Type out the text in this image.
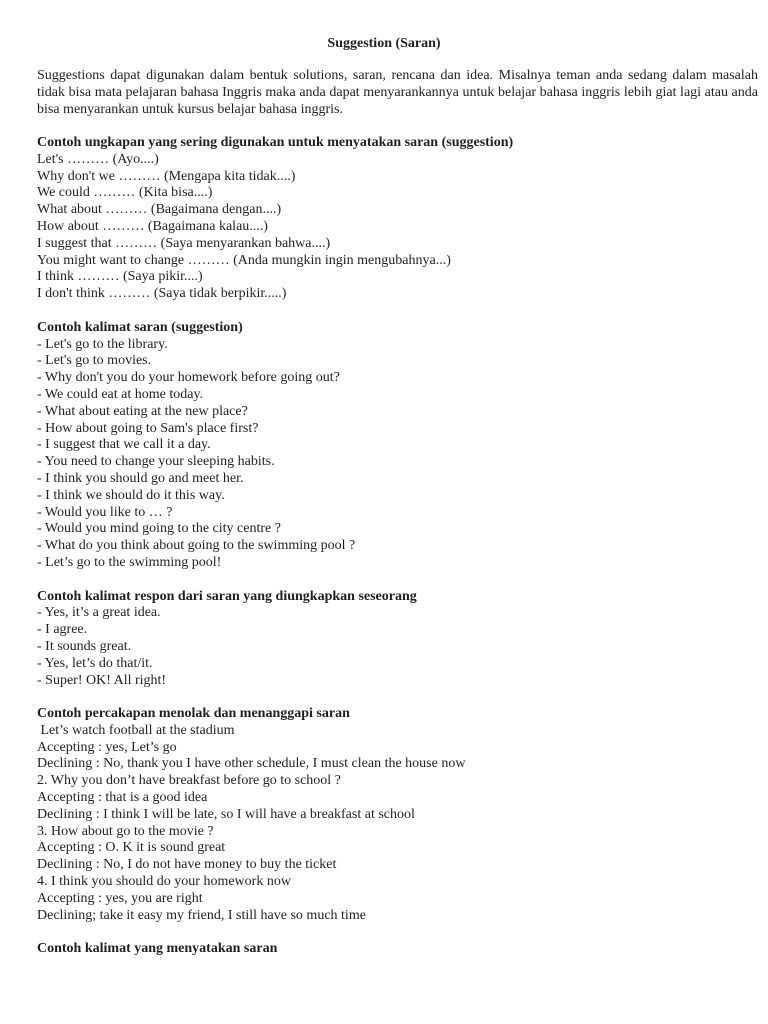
Suggestion (Saran)
Suggestions dapat digunakan dalam bentuk solutions, saran, rencana dan idea. Misalnya teman anda sedang dalam masalah tidak bisa mata pelajaran bahasa Inggris maka anda dapat menyarankannya untuk belajar bahasa inggris lebih giat lagi atau anda bisa menyarankan untuk kursus belajar bahasa inggris.
Contoh ungkapan yang sering digunakan untuk menyatakan saran (suggestion)
Let's ……… (Ayo....)
Why don't we ……… (Mengapa kita tidak....)
We could ……… (Kita bisa....)
What about ……… (Bagaimana dengan....)
How about ……… (Bagaimana kalau....)
I suggest that ……… (Saya menyarankan bahwa....)
You might want to change ……… (Anda mungkin ingin mengubahnya...)
I think ……… (Saya pikir....)
I don't think ……… (Saya tidak berpikir.....)
Contoh kalimat saran (suggestion)
- Let's go to the library.
- Let's go to movies.
- Why don't you do your homework before going out?
- We could eat at home today.
- What about eating at the new place?
- How about going to Sam's place first?
- I suggest that we call it a day.
- You need to change your sleeping habits.
- I think you should go and meet her.
- I think we should do it this way.
- Would you like to … ?
- Would you mind going to the city centre ?
- What do you think about going to the swimming pool ?
- Let’s go to the swimming pool!
Contoh kalimat respon dari saran yang diungkapkan seseorang
- Yes, it’s a great idea.
- I agree.
- It sounds great.
- Yes, let’s do that/it.
- Super! OK! All right!
Contoh percakapan menolak dan menanggapi saran
Let’s watch football at the stadium
Accepting : yes, Let’s go
Declining : No, thank you I have other schedule, I must clean the house now
2. Why you don’t have breakfast before go to school ?
Accepting : that is a good idea
Declining : I think I will be late, so I will have a breakfast at school
3. How about go to the movie ?
Accepting : O. K it is sound great
Declining : No, I do not have money to buy the ticket
4. I think you should do your homework now
Accepting : yes, you are right
Declining; take it easy my friend, I still have so much time
Contoh kalimat yang menyatakan saran
